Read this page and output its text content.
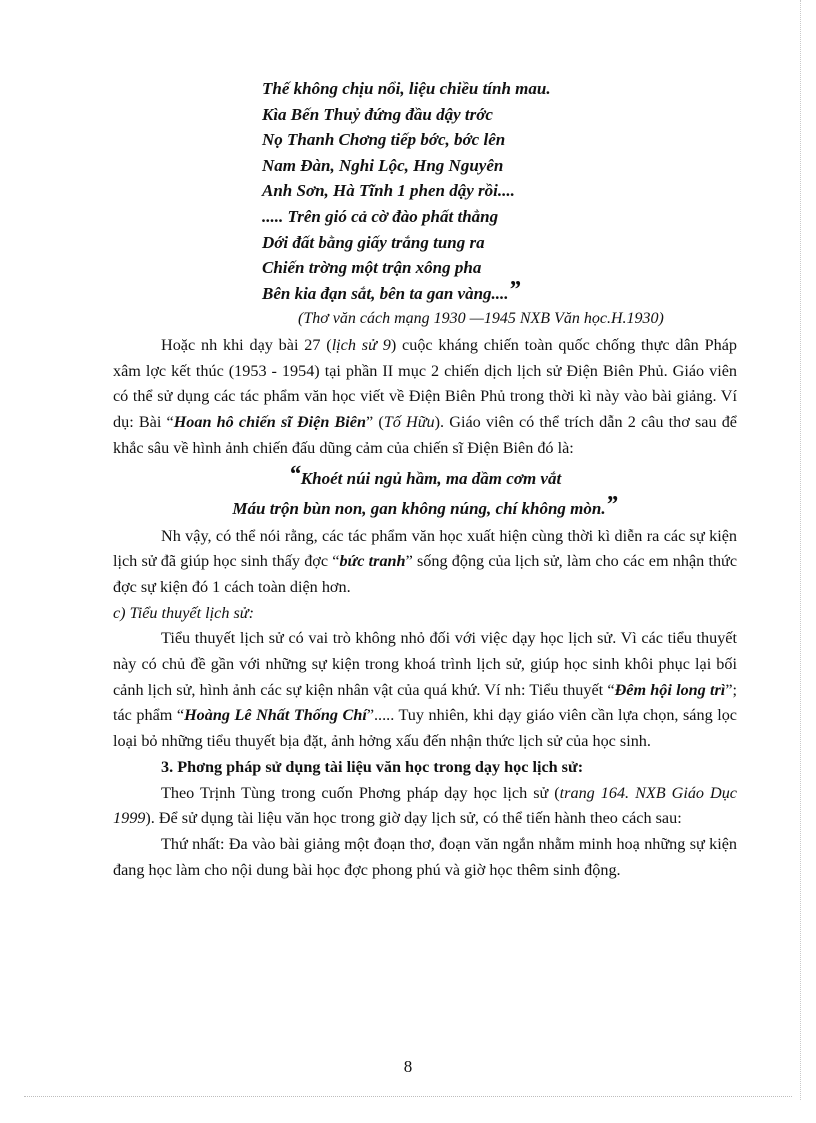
Thế không chịu nổi, liệu chiều tính mau.
Kìa Bến Thuỷ đứng đầu dậy trớc
Nọ Thanh Chơng tiếp bớc, bớc lên
Nam Đàn, Nghi Lộc, Hng Nguyên
Anh Sơn, Hà Tĩnh 1 phen dậy rồi....
..... Trên gió cả cờ đào phất thẳng
Dới đất bằng giấy trắng tung ra
Chiến trờng một trận xông pha
Bên kia đạn sắt, bên ta gan vàng....”
(Thơ văn cách mạng 1930 —1945 NXB Văn học.H.1930)

Hoặc nh khi dạy bài 27 (lịch sử 9) cuộc kháng chiến toàn quốc chống thực dân Pháp xâm lợc kết thúc (1953 - 1954) tại phần II mục 2 chiến dịch lịch sử Điện Biên Phủ. Giáo viên có thể sử dụng các tác phẩm văn học viết về Điện Biên Phủ trong thời kì này vào bài giảng. Ví dụ: Bài “Hoan hô chiến sĩ Điện Biên” (Tố Hữu). Giáo viên có thể trích dẫn 2 câu thơ sau để khắc sâu về hình ảnh chiến đấu dũng cảm của chiến sĩ Điện Biên đó là:

“Khoét núi ngủ hầm, ma dầm cơm vắt

Máu trộn bùn non, gan không núng, chí không mòn.”

Nh vậy, có thể nói rằng, các tác phẩm văn học xuất hiện cùng thời kì diễn ra các sự kiện lịch sử đã giúp học sinh thấy đợc “bức tranh” sống động của lịch sử, làm cho các em nhận thức đợc sự kiện đó 1 cách toàn diện hơn.

c) Tiểu thuyết lịch sử:

Tiểu thuyết lịch sử có vai trò không nhỏ đối với việc dạy học lịch sử. Vì các tiểu thuyết này có chủ đề gần với những sự kiện trong khoá trình lịch sử, giúp học sinh khôi phục lại bối cảnh lịch sử, hình ảnh các sự kiện nhân vật của quá khứ. Ví nh: Tiểu thuyết “Đêm hội long trì”; tác phẩm “Hoàng Lê Nhất Thống Chí”..... Tuy nhiên, khi dạy giáo viên cần lựa chọn, sáng lọc loại bỏ những tiểu thuyết bịa đặt, ảnh hởng xấu đến nhận thức lịch sử của học sinh.

3. Phơng pháp sử dụng tài liệu văn học trong dạy học lịch sử:

Theo Trịnh Tùng trong cuốn Phơng pháp dạy học lịch sử (trang 164. NXB Giáo Dục 1999). Để sử dụng tài liệu văn học trong giờ dạy lịch sử, có thể tiến hành theo cách sau:

Thứ nhất: Đa vào bài giảng một đoạn thơ, đoạn văn ngắn nhằm minh hoạ những sự kiện đang học làm cho nội dung bài học đợc phong phú và giờ học thêm sinh động.

8
